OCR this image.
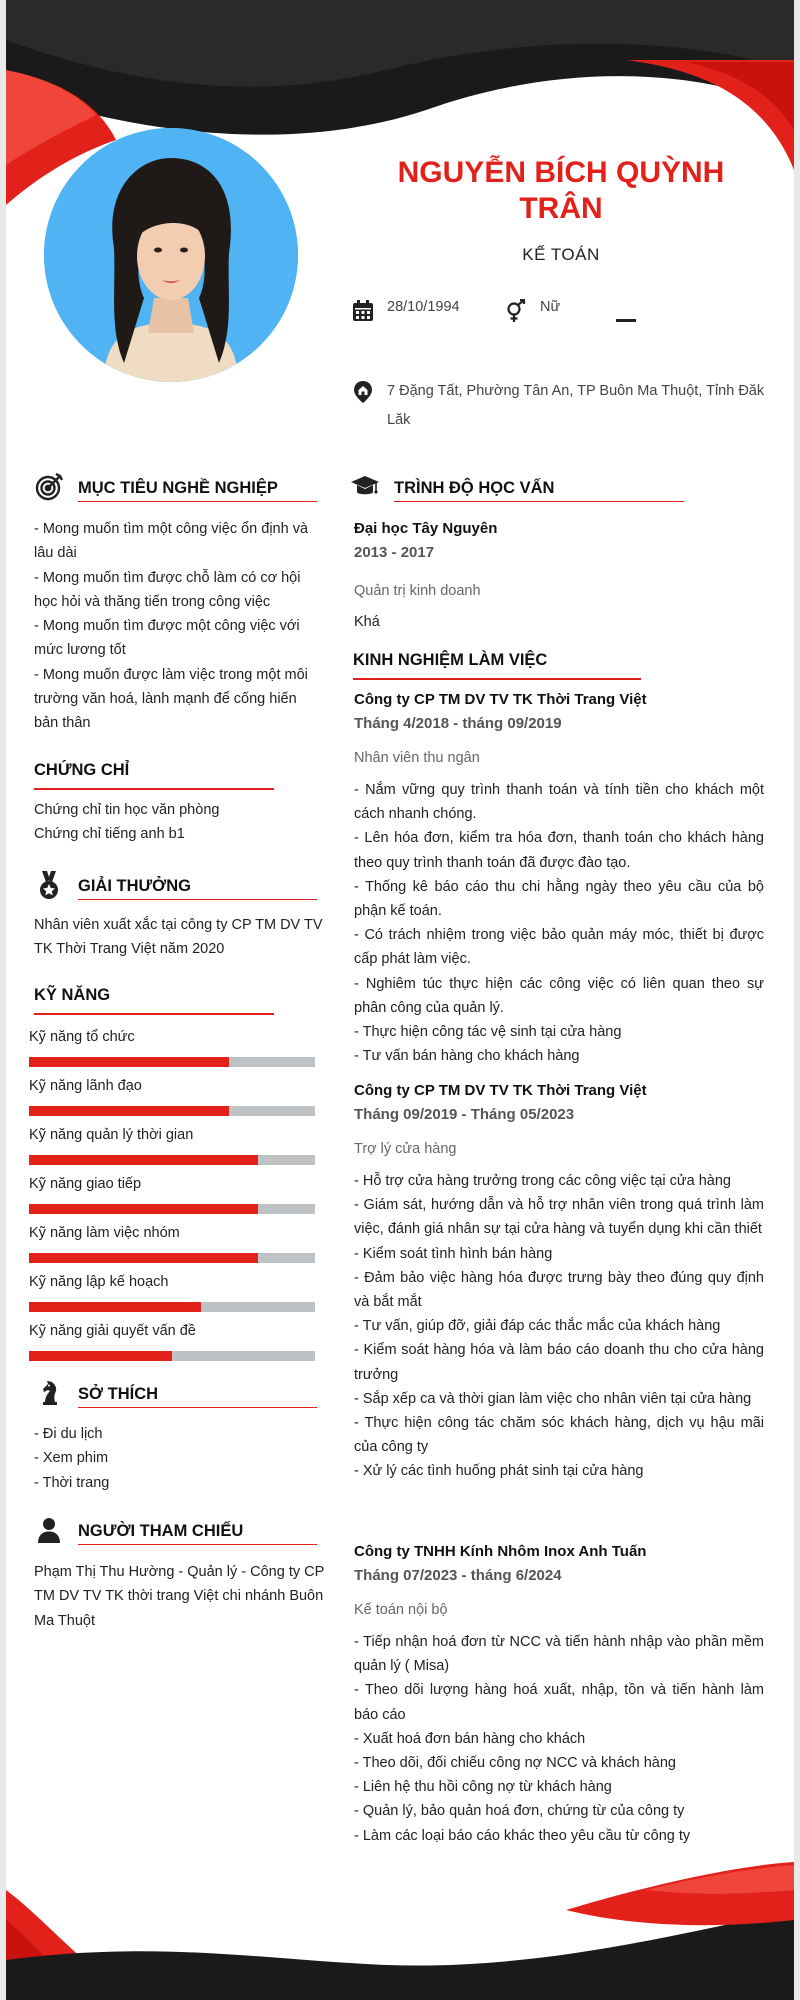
NGUYỄN BÍCH QUỲNH TRÂN
KẾ TOÁN
28/10/1994	Nữ
7 Đặng Tất, Phường Tân An, TP Buôn Ma Thuột, Tỉnh Đăk Lăk
MỤC TIÊU NGHỀ NGHIỆP
- Mong muốn tìm một công việc ổn định và lâu dài
- Mong muốn tìm được chỗ làm có cơ hội học hỏi và thăng tiến trong công việc
- Mong muốn tìm được một công việc với mức lương tốt
- Mong muốn được làm việc trong một môi trường văn hoá, lành mạnh để cống hiến bản thân
CHỨNG CHỈ
Chứng chỉ tin học văn phòng
Chứng chỉ tiếng anh b1
GIẢI THƯỞNG
Nhân viên xuất xắc tại công ty CP TM DV TV TK Thời Trang Việt năm 2020
KỸ NĂNG
Kỹ năng tổ chức
Kỹ năng lãnh đạo
Kỹ năng quản lý thời gian
Kỹ năng giao tiếp
Kỹ năng làm việc nhóm
Kỹ năng lập kế hoạch
Kỹ năng giải quyết vấn đề
SỞ THÍCH
- Đi du lịch
- Xem phim
- Thời trang
NGƯỜI THAM CHIẾU
Phạm Thị Thu Hường - Quản lý - Công ty CP TM DV TV TK thời trang Việt chi nhánh Buôn Ma Thuột
TRÌNH ĐỘ HỌC VẤN
Đại học Tây Nguyên
2013 - 2017
Quản trị kinh doanh
Khá
KINH NGHIỆM LÀM VIỆC
Công ty CP TM DV TV TK Thời Trang Việt
Tháng 4/2018 - tháng 09/2019
Nhân viên thu ngân
- Nắm vững quy trình thanh toán và tính tiền cho khách một cách nhanh chóng.
- Lên hóa đơn, kiểm tra hóa đơn, thanh toán cho khách hàng theo quy trình thanh toán đã được đào tạo.
- Thống kê báo cáo thu chi hằng ngày theo yêu cầu của bộ phận kế toán.
- Có trách nhiệm trong việc bảo quản máy móc, thiết bị được cấp phát làm việc.
- Nghiêm túc thực hiện các công việc có liên quan theo sự phân công của quản lý.
- Thực hiện công tác vệ sinh tại cửa hàng
- Tư vấn bán hàng cho khách hàng
Công ty CP TM DV TV TK Thời Trang Việt
Tháng 09/2019 - Tháng 05/2023
Trợ lý cửa hàng
- Hỗ trợ cửa hàng trưởng trong các công việc tại cửa hàng
- Giám sát, hướng dẫn và hỗ trợ nhân viên trong quá trình làm việc, đánh giá nhân sự tại cửa hàng và tuyển dụng khi cần thiết
- Kiểm soát tình hình bán hàng
- Đảm bảo việc hàng hóa được trưng bày theo đúng quy định và bắt mắt
- Tư vấn, giúp đỡ, giải đáp các thắc mắc của khách hàng
- Kiểm soát hàng hóa và làm báo cáo doanh thu cho cửa hàng trưởng
- Sắp xếp ca và thời gian làm việc cho nhân viên tại cửa hàng
- Thực hiện công tác chăm sóc khách hàng, dịch vụ hậu mãi của công ty
- Xử lý các tình huống phát sinh tại cửa hàng
Công ty TNHH Kính Nhôm Inox Anh Tuấn
Tháng 07/2023 - tháng 6/2024
Kế toán nội bộ
- Tiếp nhận hoá đơn từ NCC và tiến hành nhập vào phần mềm quản lý ( Misa)
- Theo dõi lượng hàng hoá xuất, nhập, tồn và tiến hành làm báo cáo
- Xuất hoá đơn bán hàng cho khách
- Theo dõi, đối chiếu công nợ NCC và khách hàng
- Liên hệ thu hồi công nợ từ khách hàng
- Quản lý, bảo quản hoá đơn, chứng từ của công ty
- Làm các loại báo cáo khác theo yêu cầu từ công ty
